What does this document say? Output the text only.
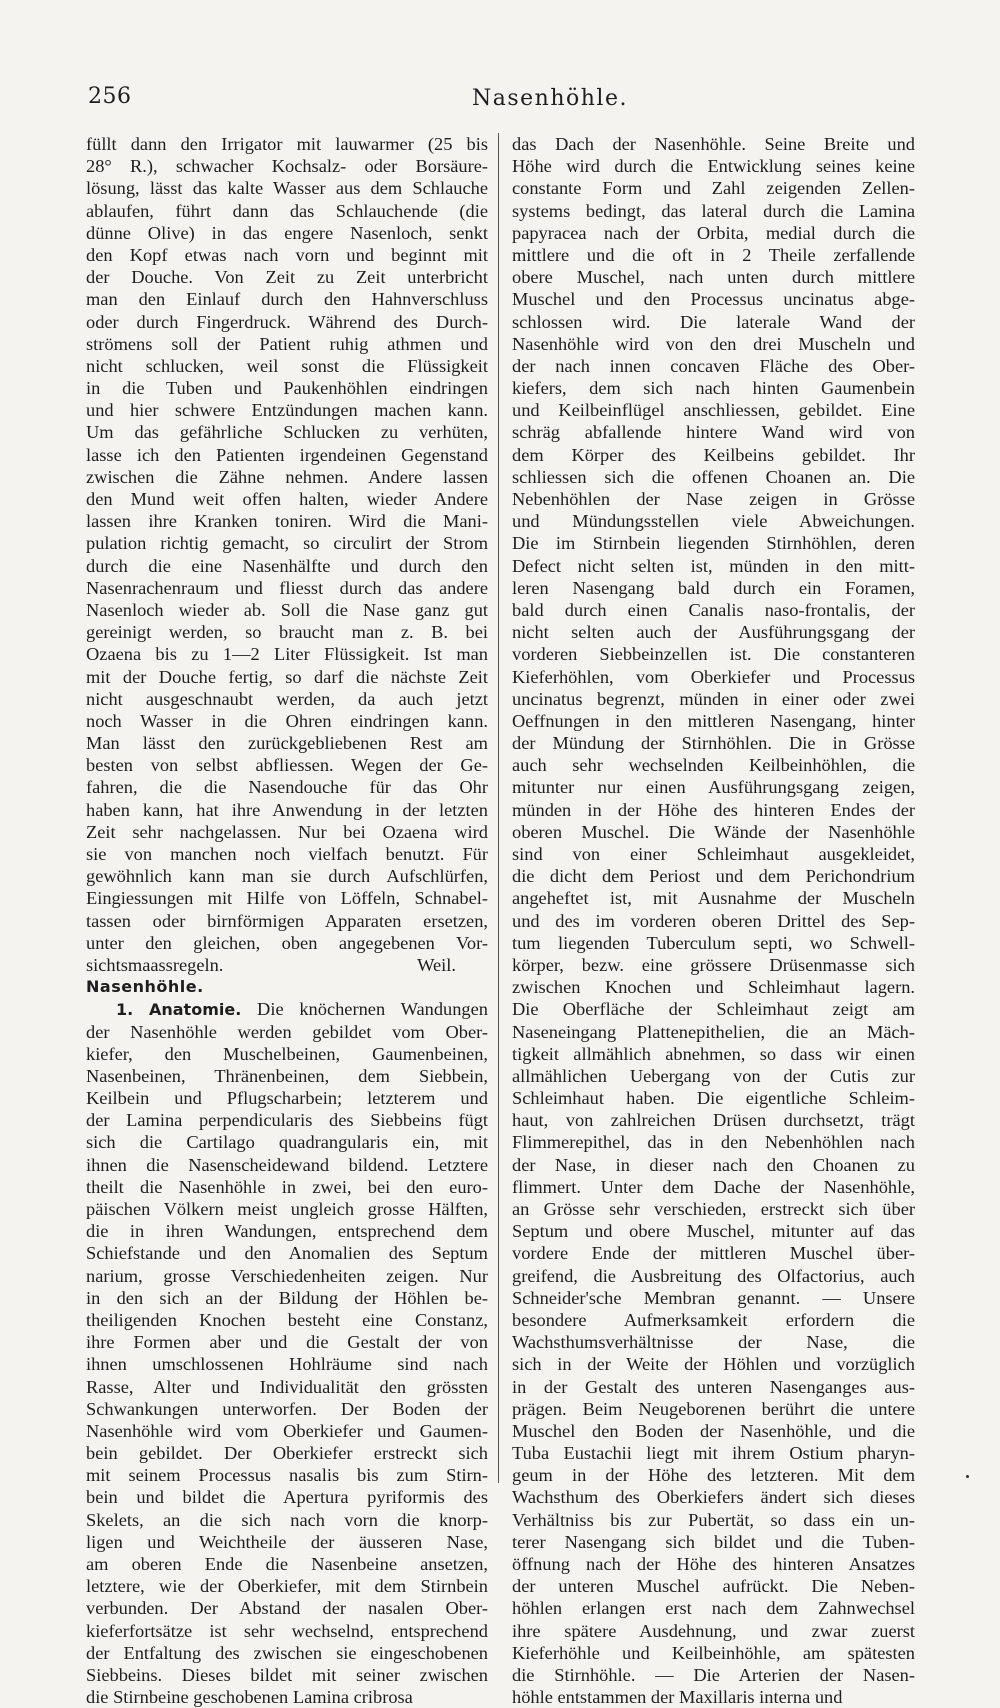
256	Nasenhöhle.
füllt dann den Irrigator mit lauwarmer (25 bis
28° R.), schwacher Kochsalz- oder Borsäure-
lösung, lässt das kalte Wasser aus dem Schlauche
ablaufen, führt dann das Schlauchende (die
dünne Olive) in das engere Nasenloch, senkt
den Kopf etwas nach vorn und beginnt mit
der Douche. Von Zeit zu Zeit unterbricht
man den Einlauf durch den Hahnverschluss
oder durch Fingerdruck. Während des Durch-
strömens soll der Patient ruhig athmen und
nicht schlucken, weil sonst die Flüssigkeit
in die Tuben und Paukenhöhlen eindringen
und hier schwere Entzündungen machen kann.
Um das gefährliche Schlucken zu verhüten,
lasse ich den Patienten irgendeinen Gegenstand
zwischen die Zähne nehmen. Andere lassen
den Mund weit offen halten, wieder Andere
lassen ihre Kranken toniren. Wird die Mani-
pulation richtig gemacht, so circulirt der Strom
durch die eine Nasenhälfte und durch den
Nasenrachenraum und fliesst durch das andere
Nasenloch wieder ab. Soll die Nase ganz gut
gereinigt werden, so braucht man z. B. bei
Ozaena bis zu 1—2 Liter Flüssigkeit. Ist man
mit der Douche fertig, so darf die nächste Zeit
nicht ausgeschnaubt werden, da auch jetzt
noch Wasser in die Ohren eindringen kann.
Man lässt den zurückgebliebenen Rest am
besten von selbst abfliessen. Wegen der Ge-
fahren, die die Nasendouche für das Ohr
haben kann, hat ihre Anwendung in der letzten
Zeit sehr nachgelassen. Nur bei Ozaena wird
sie von manchen noch vielfach benutzt. Für
gewöhnlich kann man sie durch Aufschlürfen,
Eingiessungen mit Hilfe von Löffeln, Schnabel-
tassen oder birnförmigen Apparaten ersetzen,
unter den gleichen, oben angegebenen Vor-
sichtsmaassregeln.	Weil.
Nasenhöhle.
1. Anatomie. Die knöchernen Wandungen
der Nasenhöhle werden gebildet vom Ober-
kiefer, den Muschelbeinen, Gaumenbeinen,
Nasenbeinen, Thränenbeinen, dem Siebbein,
Keilbein und Pflugscharbein; letzterem und
der Lamina perpendicularis des Siebbeins fügt
sich die Cartilago quadrangularis ein, mit
ihnen die Nasenscheidewand bildend. Letztere
theilt die Nasenhöhle in zwei, bei den euro-
päischen Völkern meist ungleich grosse Hälften,
die in ihren Wandungen, entsprechend dem
Schiefstande und den Anomalien des Septum
narium, grosse Verschiedenheiten zeigen. Nur
in den sich an der Bildung der Höhlen be-
theiligenden Knochen besteht eine Constanz,
ihre Formen aber und die Gestalt der von
ihnen umschlossenen Hohlräume sind nach
Rasse, Alter und Individualität den grössten
Schwankungen unterworfen. Der Boden der
Nasenhöhle wird vom Oberkiefer und Gaumen-
bein gebildet. Der Oberkiefer erstreckt sich
mit seinem Processus nasalis bis zum Stirn-
bein und bildet die Apertura pyriformis des
Skelets, an die sich nach vorn die knorp-
ligen und Weichtheile der äusseren Nase,
am oberen Ende die Nasenbeine ansetzen,
letztere, wie der Oberkiefer, mit dem Stirnbein
verbunden. Der Abstand der nasalen Ober-
kieferfortsätze ist sehr wechselnd, entsprechend
der Entfaltung des zwischen sie eingeschobenen
Siebbeins. Dieses bildet mit seiner zwischen
die Stirnbeine geschobenen Lamina cribrosa
das Dach der Nasenhöhle. Seine Breite und
Höhe wird durch die Entwicklung seines keine
constante Form und Zahl zeigenden Zellen-
systems bedingt, das lateral durch die Lamina
papyracea nach der Orbita, medial durch die
mittlere und die oft in 2 Theile zerfallende
obere Muschel, nach unten durch mittlere
Muschel und den Processus uncinatus abge-
schlossen wird. Die laterale Wand der
Nasenhöhle wird von den drei Muscheln und
der nach innen concaven Fläche des Ober-
kiefers, dem sich nach hinten Gaumenbein
und Keilbeinflügel anschliessen, gebildet. Eine
schräg abfallende hintere Wand wird von
dem Körper des Keilbeins gebildet. Ihr
schliessen sich die offenen Choanen an. Die
Nebenhöhlen der Nase zeigen in Grösse
und Mündungsstellen viele Abweichungen.
Die im Stirnbein liegenden Stirnhöhlen, deren
Defect nicht selten ist, münden in den mitt-
leren Nasengang bald durch ein Foramen,
bald durch einen Canalis naso-frontalis, der
nicht selten auch der Ausführungsgang der
vorderen Siebbeinzellen ist. Die constanteren
Kieferhöhlen, vom Oberkiefer und Processus
uncinatus begrenzt, münden in einer oder zwei
Oeffnungen in den mittleren Nasengang, hinter
der Mündung der Stirnhöhlen. Die in Grösse
auch sehr wechselnden Keilbeinhöhlen, die
mitunter nur einen Ausführungsgang zeigen,
münden in der Höhe des hinteren Endes der
oberen Muschel. Die Wände der Nasenhöhle
sind von einer Schleimhaut ausgekleidet,
die dicht dem Periost und dem Perichondrium
angeheftet ist, mit Ausnahme der Muscheln
und des im vorderen oberen Drittel des Sep-
tum liegenden Tuberculum septi, wo Schwell-
körper, bezw. eine grössere Drüsenmasse sich
zwischen Knochen und Schleimhaut lagern.
Die Oberfläche der Schleimhaut zeigt am
Naseneingang Plattenepithelien, die an Mäch-
tigkeit allmählich abnehmen, so dass wir einen
allmählichen Uebergang von der Cutis zur
Schleimhaut haben. Die eigentliche Schleim-
haut, von zahlreichen Drüsen durchsetzt, trägt
Flimmerepithel, das in den Nebenhöhlen nach
der Nase, in dieser nach den Choanen zu
flimmert. Unter dem Dache der Nasenhöhle,
an Grösse sehr verschieden, erstreckt sich über
Septum und obere Muschel, mitunter auf das
vordere Ende der mittleren Muschel über-
greifend, die Ausbreitung des Olfactorius, auch
Schneider'sche Membran genannt. — Unsere
besondere Aufmerksamkeit erfordern die
Wachsthumsverhältnisse der Nase, die
sich in der Weite der Höhlen und vorzüglich
in der Gestalt des unteren Nasenganges aus-
prägen. Beim Neugeborenen berührt die untere
Muschel den Boden der Nasenhöhle, und die
Tuba Eustachii liegt mit ihrem Ostium pharyn-
geum in der Höhe des letzteren. Mit dem
Wachsthum des Oberkiefers ändert sich dieses
Verhältniss bis zur Pubertät, so dass ein un-
terer Nasengang sich bildet und die Tuben-
öffnung nach der Höhe des hinteren Ansatzes
der unteren Muschel aufrückt. Die Neben-
höhlen erlangen erst nach dem Zahnwechsel
ihre spätere Ausdehnung, und zwar zuerst
Kieferhöhle und Keilbeinhöhle, am spätesten
die Stirnhöhle. — Die Arterien der Nasen-
höhle entstammen der Maxillaris interna und
